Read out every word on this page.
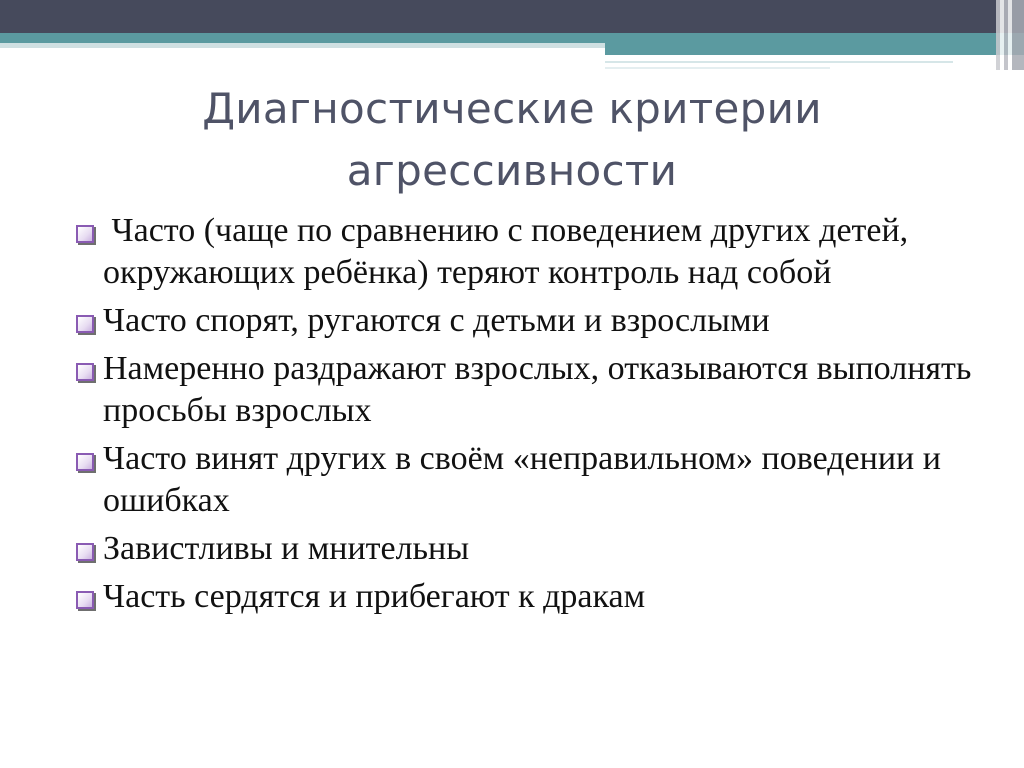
Диагностические критерии
агрессивности
Часто (чаще по сравнению с поведением других детей, окружающих ребёнка) теряют контроль над собой
Часто спорят, ругаются с детьми и взрослыми
Намеренно раздражают взрослых, отказываются выполнять просьбы взрослых
Часто винят других в своём «неправильном» поведении и ошибках
Завистливы и мнительны
Часть сердятся и прибегают к дракам
